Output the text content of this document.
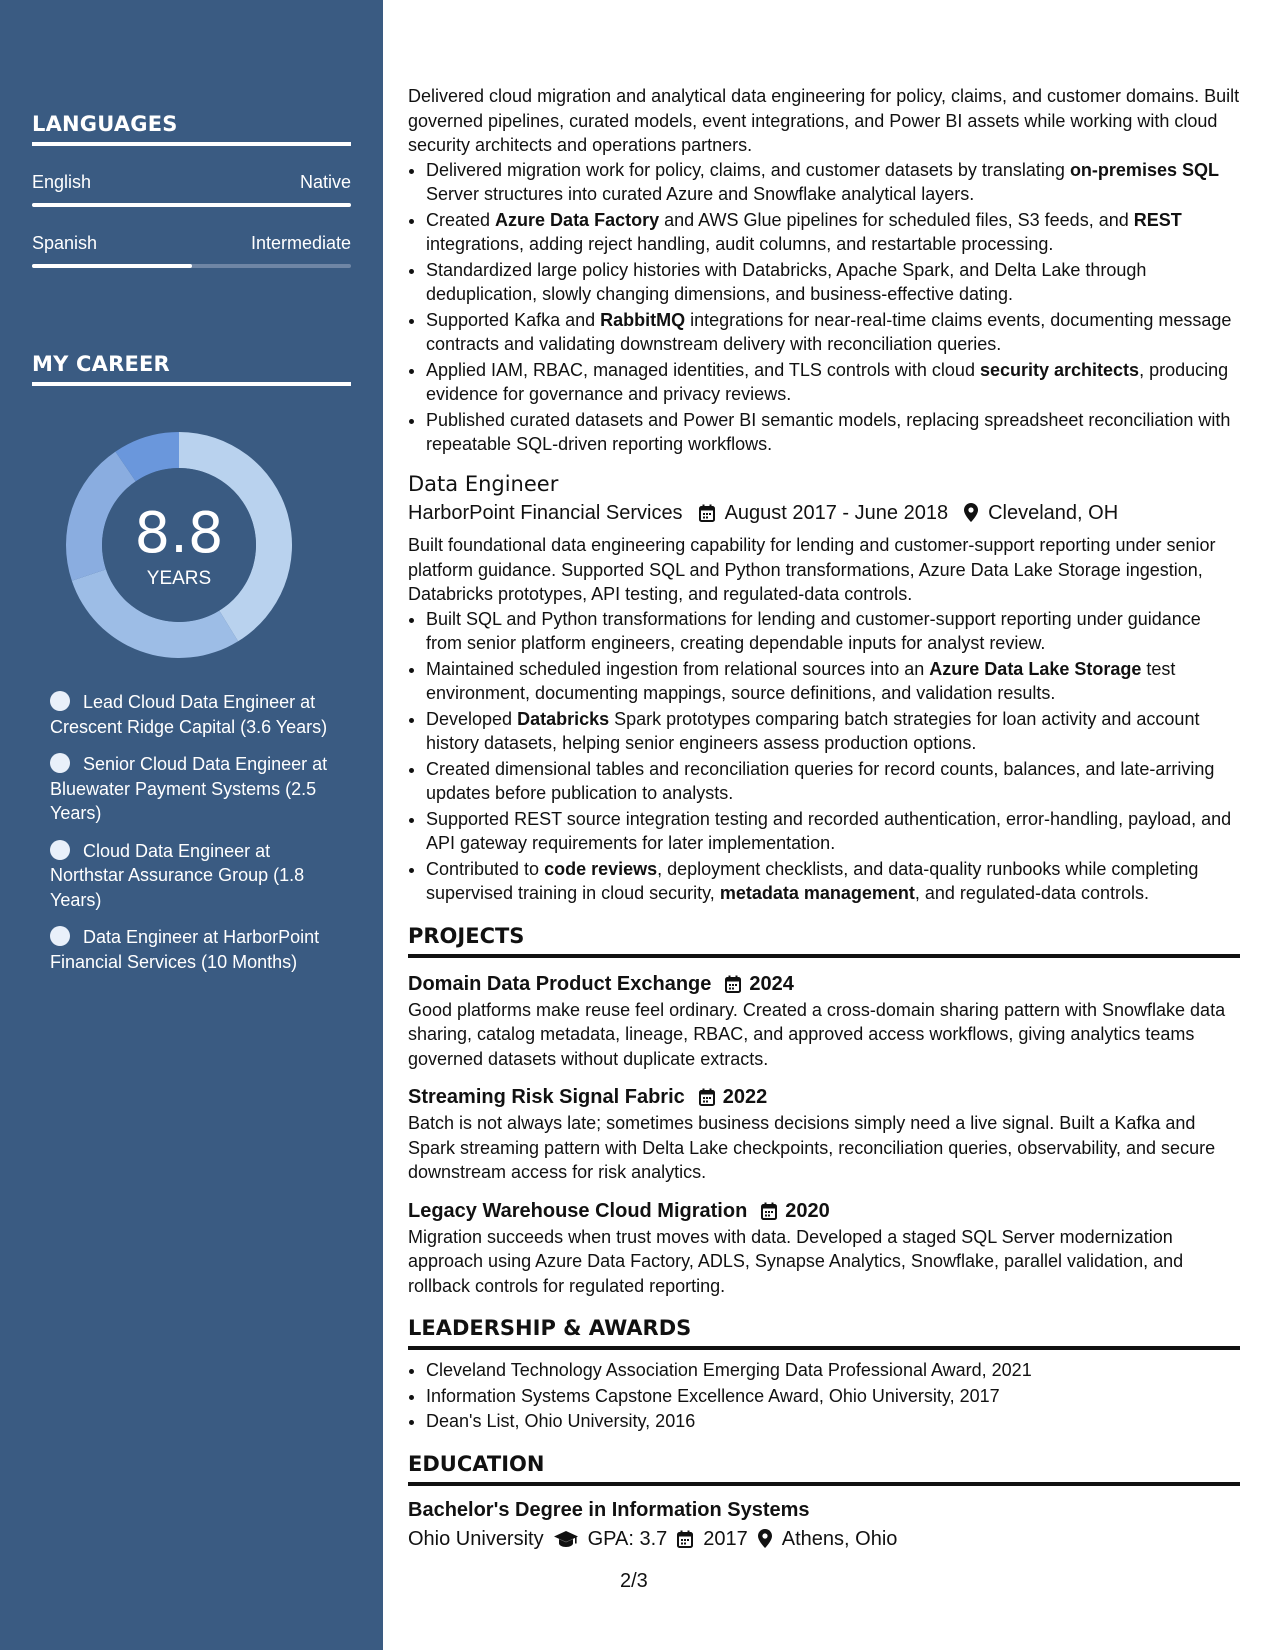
LANGUAGES
English	Native
Spanish	Intermediate
MY CAREER
8.8
YEARS
Lead Cloud Data Engineer at Crescent Ridge Capital (3.6 Years)
Senior Cloud Data Engineer at Bluewater Payment Systems (2.5 Years)
Cloud Data Engineer at Northstar Assurance Group (1.8 Years)
Data Engineer at HarborPoint Financial Services (10 Months)

Delivered cloud migration and analytical data engineering for policy, claims, and customer domains. Built governed pipelines, curated models, event integrations, and Power BI assets while working with cloud security architects and operations partners.

• Delivered migration work for policy, claims, and customer datasets by translating on-premises SQL Server structures into curated Azure and Snowflake analytical layers.
• Created Azure Data Factory and AWS Glue pipelines for scheduled files, S3 feeds, and REST integrations, adding reject handling, audit columns, and restartable processing.
• Standardized large policy histories with Databricks, Apache Spark, and Delta Lake through deduplication, slowly changing dimensions, and business-effective dating.
• Supported Kafka and RabbitMQ integrations for near-real-time claims events, documenting message contracts and validating downstream delivery with reconciliation queries.
• Applied IAM, RBAC, managed identities, and TLS controls with cloud security architects, producing evidence for governance and privacy reviews.
• Published curated datasets and Power BI semantic models, replacing spreadsheet reconciliation with repeatable SQL-driven reporting workflows.
Data Engineer
HarborPoint Financial Services August 2017 - June 2018 Cleveland, OH

Built foundational data engineering capability for lending and customer-support reporting under senior platform guidance. Supported SQL and Python transformations, Azure Data Lake Storage ingestion, Databricks prototypes, API testing, and regulated-data controls.

• Built SQL and Python transformations for lending and customer-support reporting under guidance from senior platform engineers, creating dependable inputs for analyst review.
• Maintained scheduled ingestion from relational sources into an Azure Data Lake Storage test environment, documenting mappings, source definitions, and validation results.
• Developed Databricks Spark prototypes comparing batch strategies for loan activity and account history datasets, helping senior engineers assess production options.
• Created dimensional tables and reconciliation queries for record counts, balances, and late-arriving updates before publication to analysts.
• Supported REST source integration testing and recorded authentication, error-handling, payload, and API gateway requirements for later implementation.
• Contributed to code reviews, deployment checklists, and data-quality runbooks while completing supervised training in cloud security, metadata management, and regulated-data controls.
PROJECTS
Domain Data Product Exchange 2024

Good platforms make reuse feel ordinary. Created a cross-domain sharing pattern with Snowflake data sharing, catalog metadata, lineage, RBAC, and approved access workflows, giving analytics teams governed datasets without duplicate extracts.

Streaming Risk Signal Fabric 2022

Batch is not always late; sometimes business decisions simply need a live signal. Built a Kafka and Spark streaming pattern with Delta Lake checkpoints, reconciliation queries, observability, and secure downstream access for risk analytics.

Legacy Warehouse Cloud Migration 2020

Migration succeeds when trust moves with data. Developed a staged SQL Server modernization approach using Azure Data Factory, ADLS, Synapse Analytics, Snowflake, parallel validation, and rollback controls for regulated reporting.

LEADERSHIP & AWARDS
• Cleveland Technology Association Emerging Data Professional Award, 2021
• Information Systems Capstone Excellence Award, Ohio University, 2017
• Dean's List, Ohio University, 2016
EDUCATION
Bachelor's Degree in Information Systems
Ohio University GPA: 3.7 2017 Athens, Ohio
2/3
